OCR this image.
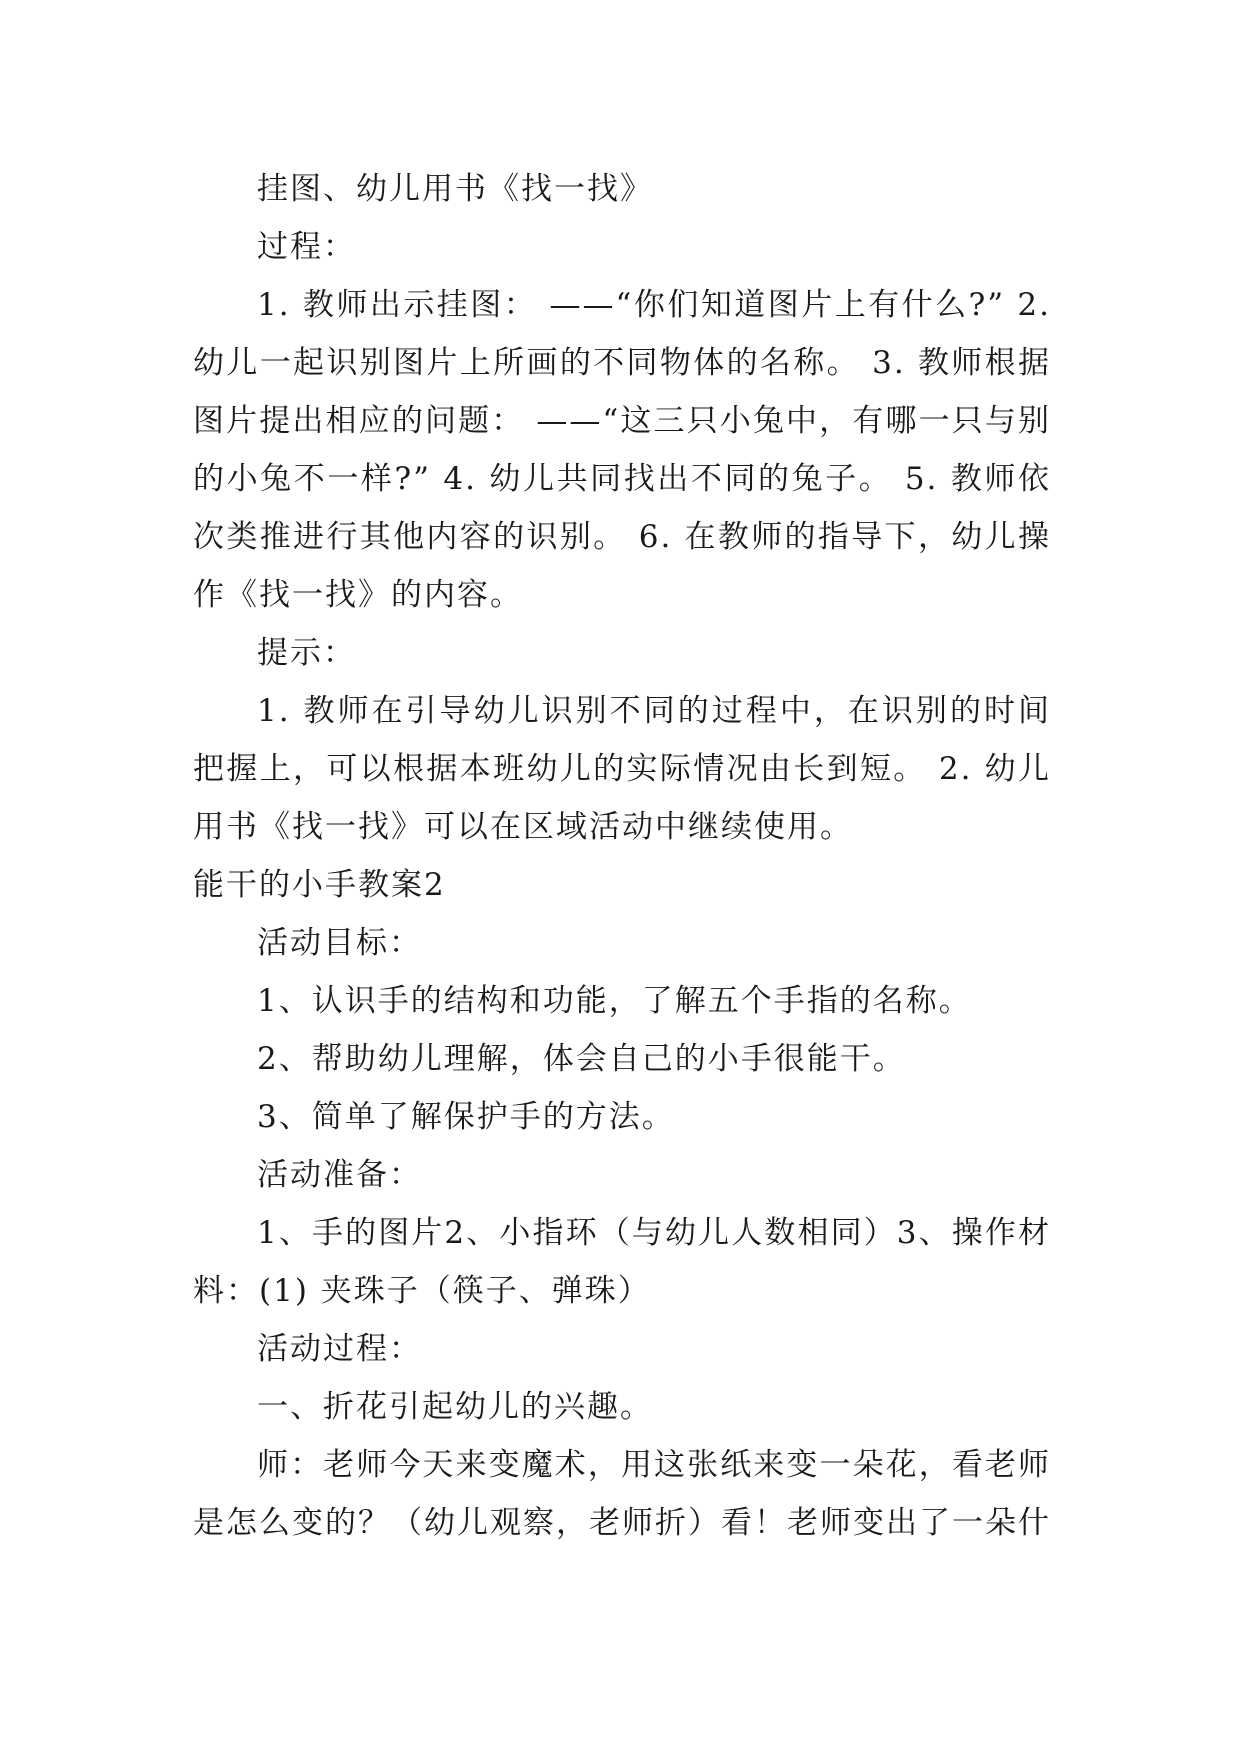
挂图、幼儿用书《找一找》

过程：

1. 教师出示挂图： ——“你们知道图片上有什么?” 2. 幼儿一起识别图片上所画的不同物体的名称。 3. 教师根据图片提出相应的问题： ——“这三只小兔中，有哪一只与别的小兔不一样?” 4. 幼儿共同找出不同的兔子。 5. 教师依次类推进行其他内容的识别。 6. 在教师的指导下，幼儿操作《找一找》的内容。

提示：

1. 教师在引导幼儿识别不同的过程中，在识别的时间把握上，可以根据本班幼儿的实际情况由长到短。 2. 幼儿用书《找一找》可以在区域活动中继续使用。

能干的小手教案2

活动目标：

1、认识手的结构和功能，了解五个手指的名称。

2、帮助幼儿理解，体会自己的小手很能干。

3、简单了解保护手的方法。

活动准备：

1、手的图片2、小指环（与幼儿人数相同）3、操作材料：(1) 夹珠子（筷子、弹珠）

活动过程：

一、折花引起幼儿的兴趣。

师：老师今天来变魔术，用这张纸来变一朵花，看老师是怎么变的？（幼儿观察，老师折）看！老师变出了一朵什
